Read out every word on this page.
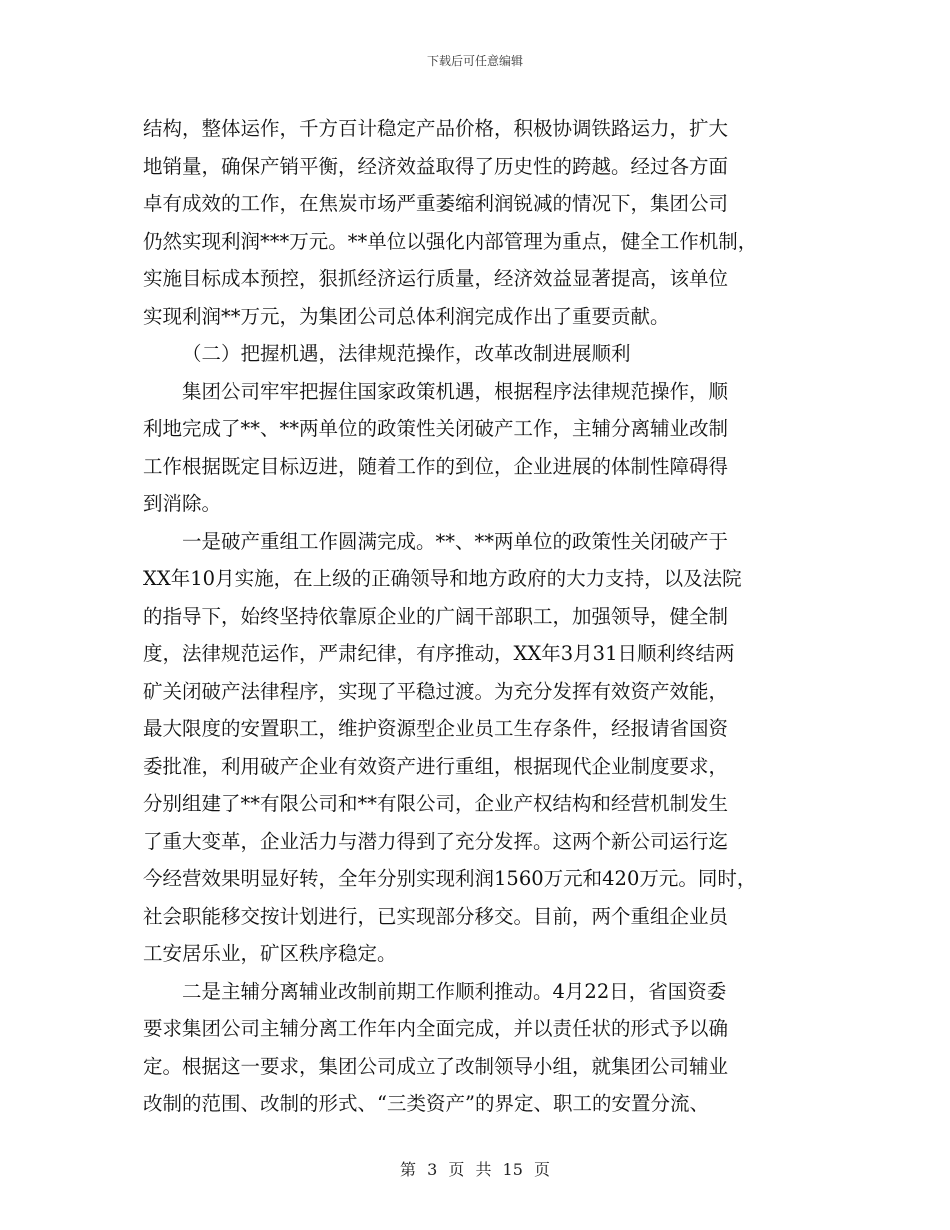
下载后可任意编辑
结构，整体运作，千方百计稳定产品价格，积极协调铁路运力，扩大
地销量，确保产销平衡，经济效益取得了历史性的跨越。经过各方面
卓有成效的工作，在焦炭市场严重萎缩利润锐减的情况下，集团公司
仍然实现利润***万元。**单位以强化内部管理为重点，健全工作机制，
实施目标成本预控，狠抓经济运行质量，经济效益显著提高，该单位
实现利润**万元，为集团公司总体利润完成作出了重要贡献。
（二）把握机遇，法律规范操作，改革改制进展顺利
集团公司牢牢把握住国家政策机遇，根据程序法律规范操作，顺
利地完成了**、**两单位的政策性关闭破产工作，主辅分离辅业改制
工作根据既定目标迈进，随着工作的到位，企业进展的体制性障碍得
到消除。
一是破产重组工作圆满完成。**、**两单位的政策性关闭破产于
XX年10月实施，在上级的正确领导和地方政府的大力支持，以及法院
的指导下，始终坚持依靠原企业的广阔干部职工，加强领导，健全制
度，法律规范运作，严肃纪律，有序推动，XX年3月31日顺利终结两
矿关闭破产法律程序，实现了平稳过渡。为充分发挥有效资产效能，
最大限度的安置职工，维护资源型企业员工生存条件，经报请省国资
委批准，利用破产企业有效资产进行重组，根据现代企业制度要求，
分别组建了**有限公司和**有限公司，企业产权结构和经营机制发生
了重大变革，企业活力与潜力得到了充分发挥。这两个新公司运行迄
今经营效果明显好转，全年分别实现利润1560万元和420万元。同时，
社会职能移交按计划进行，已实现部分移交。目前，两个重组企业员
工安居乐业，矿区秩序稳定。
二是主辅分离辅业改制前期工作顺利推动。4月22日，省国资委
要求集团公司主辅分离工作年内全面完成，并以责任状的形式予以确
定。根据这一要求，集团公司成立了改制领导小组，就集团公司辅业
改制的范围、改制的形式、“三类资产”的界定、职工的安置分流、
第 3 页 共 15 页
